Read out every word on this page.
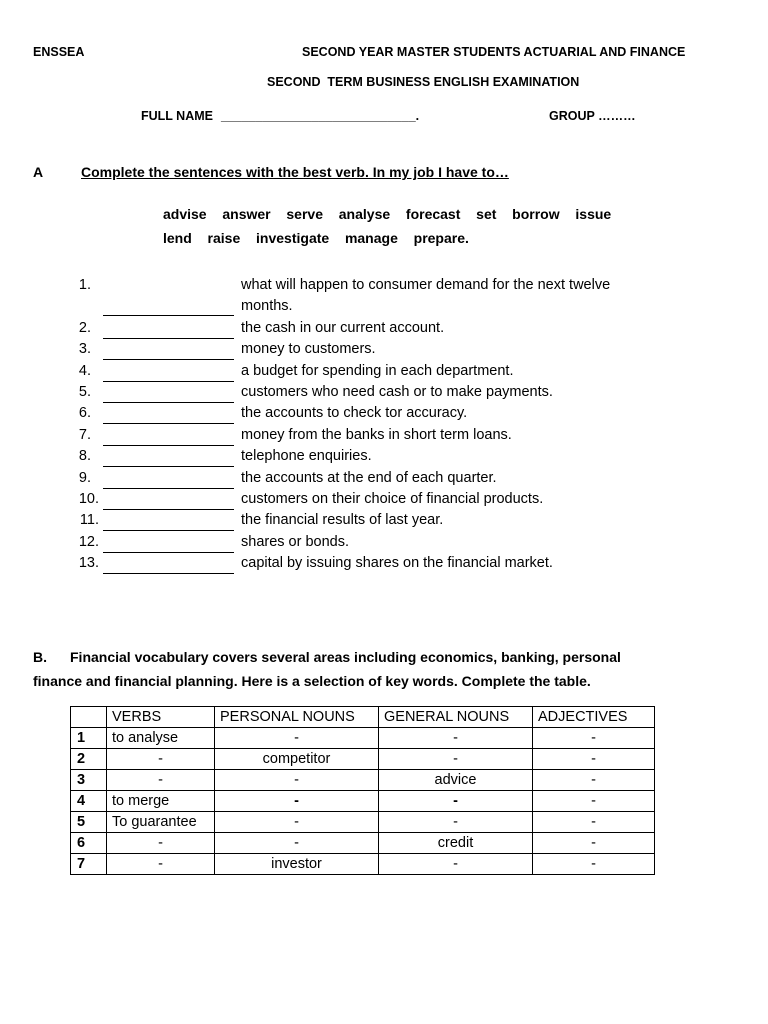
ENSSEA	SECOND YEAR MASTER STUDENTS ACTUARIAL AND FINANCE
SECOND  TERM BUSINESS ENGLISH EXAMINATION
FULL NAME ____________________________.	GROUP ………
A	Complete the sentences with the best verb. In my job I have to…
advise  answer  serve  analyse  forecast  set  borrow  issue
lend  raise  investigate  manage  prepare.
1.	what will happen to consumer demand for the next twelve
months.
2.	the cash in our current account.
3.	money to customers.
4.	a budget for spending in each department.
5.	customers who need cash or to make payments.
6.	the accounts to check tor accuracy.
7.	money from the banks in short term loans.
8.	telephone enquiries.
9.	the accounts at the end of each quarter.
10.	customers on their choice of financial products.
11.	the financial results of last year.
12.	shares or bonds.
13.	capital by issuing shares on the financial market.
B. Financial vocabulary covers several areas including economics, banking, personal
finance and financial planning. Here is a selection of key words. Complete the table.
	VERBS	PERSONAL NOUNS	GENERAL NOUNS	ADJECTIVES
1	to analyse	-	-	-
2	-	competitor	-	-
3	-	-	advice	-
4	to merge	-	-	-
5	To guarantee	-	-	-
6	-	-	credit	-
7	-	investor	-	-
